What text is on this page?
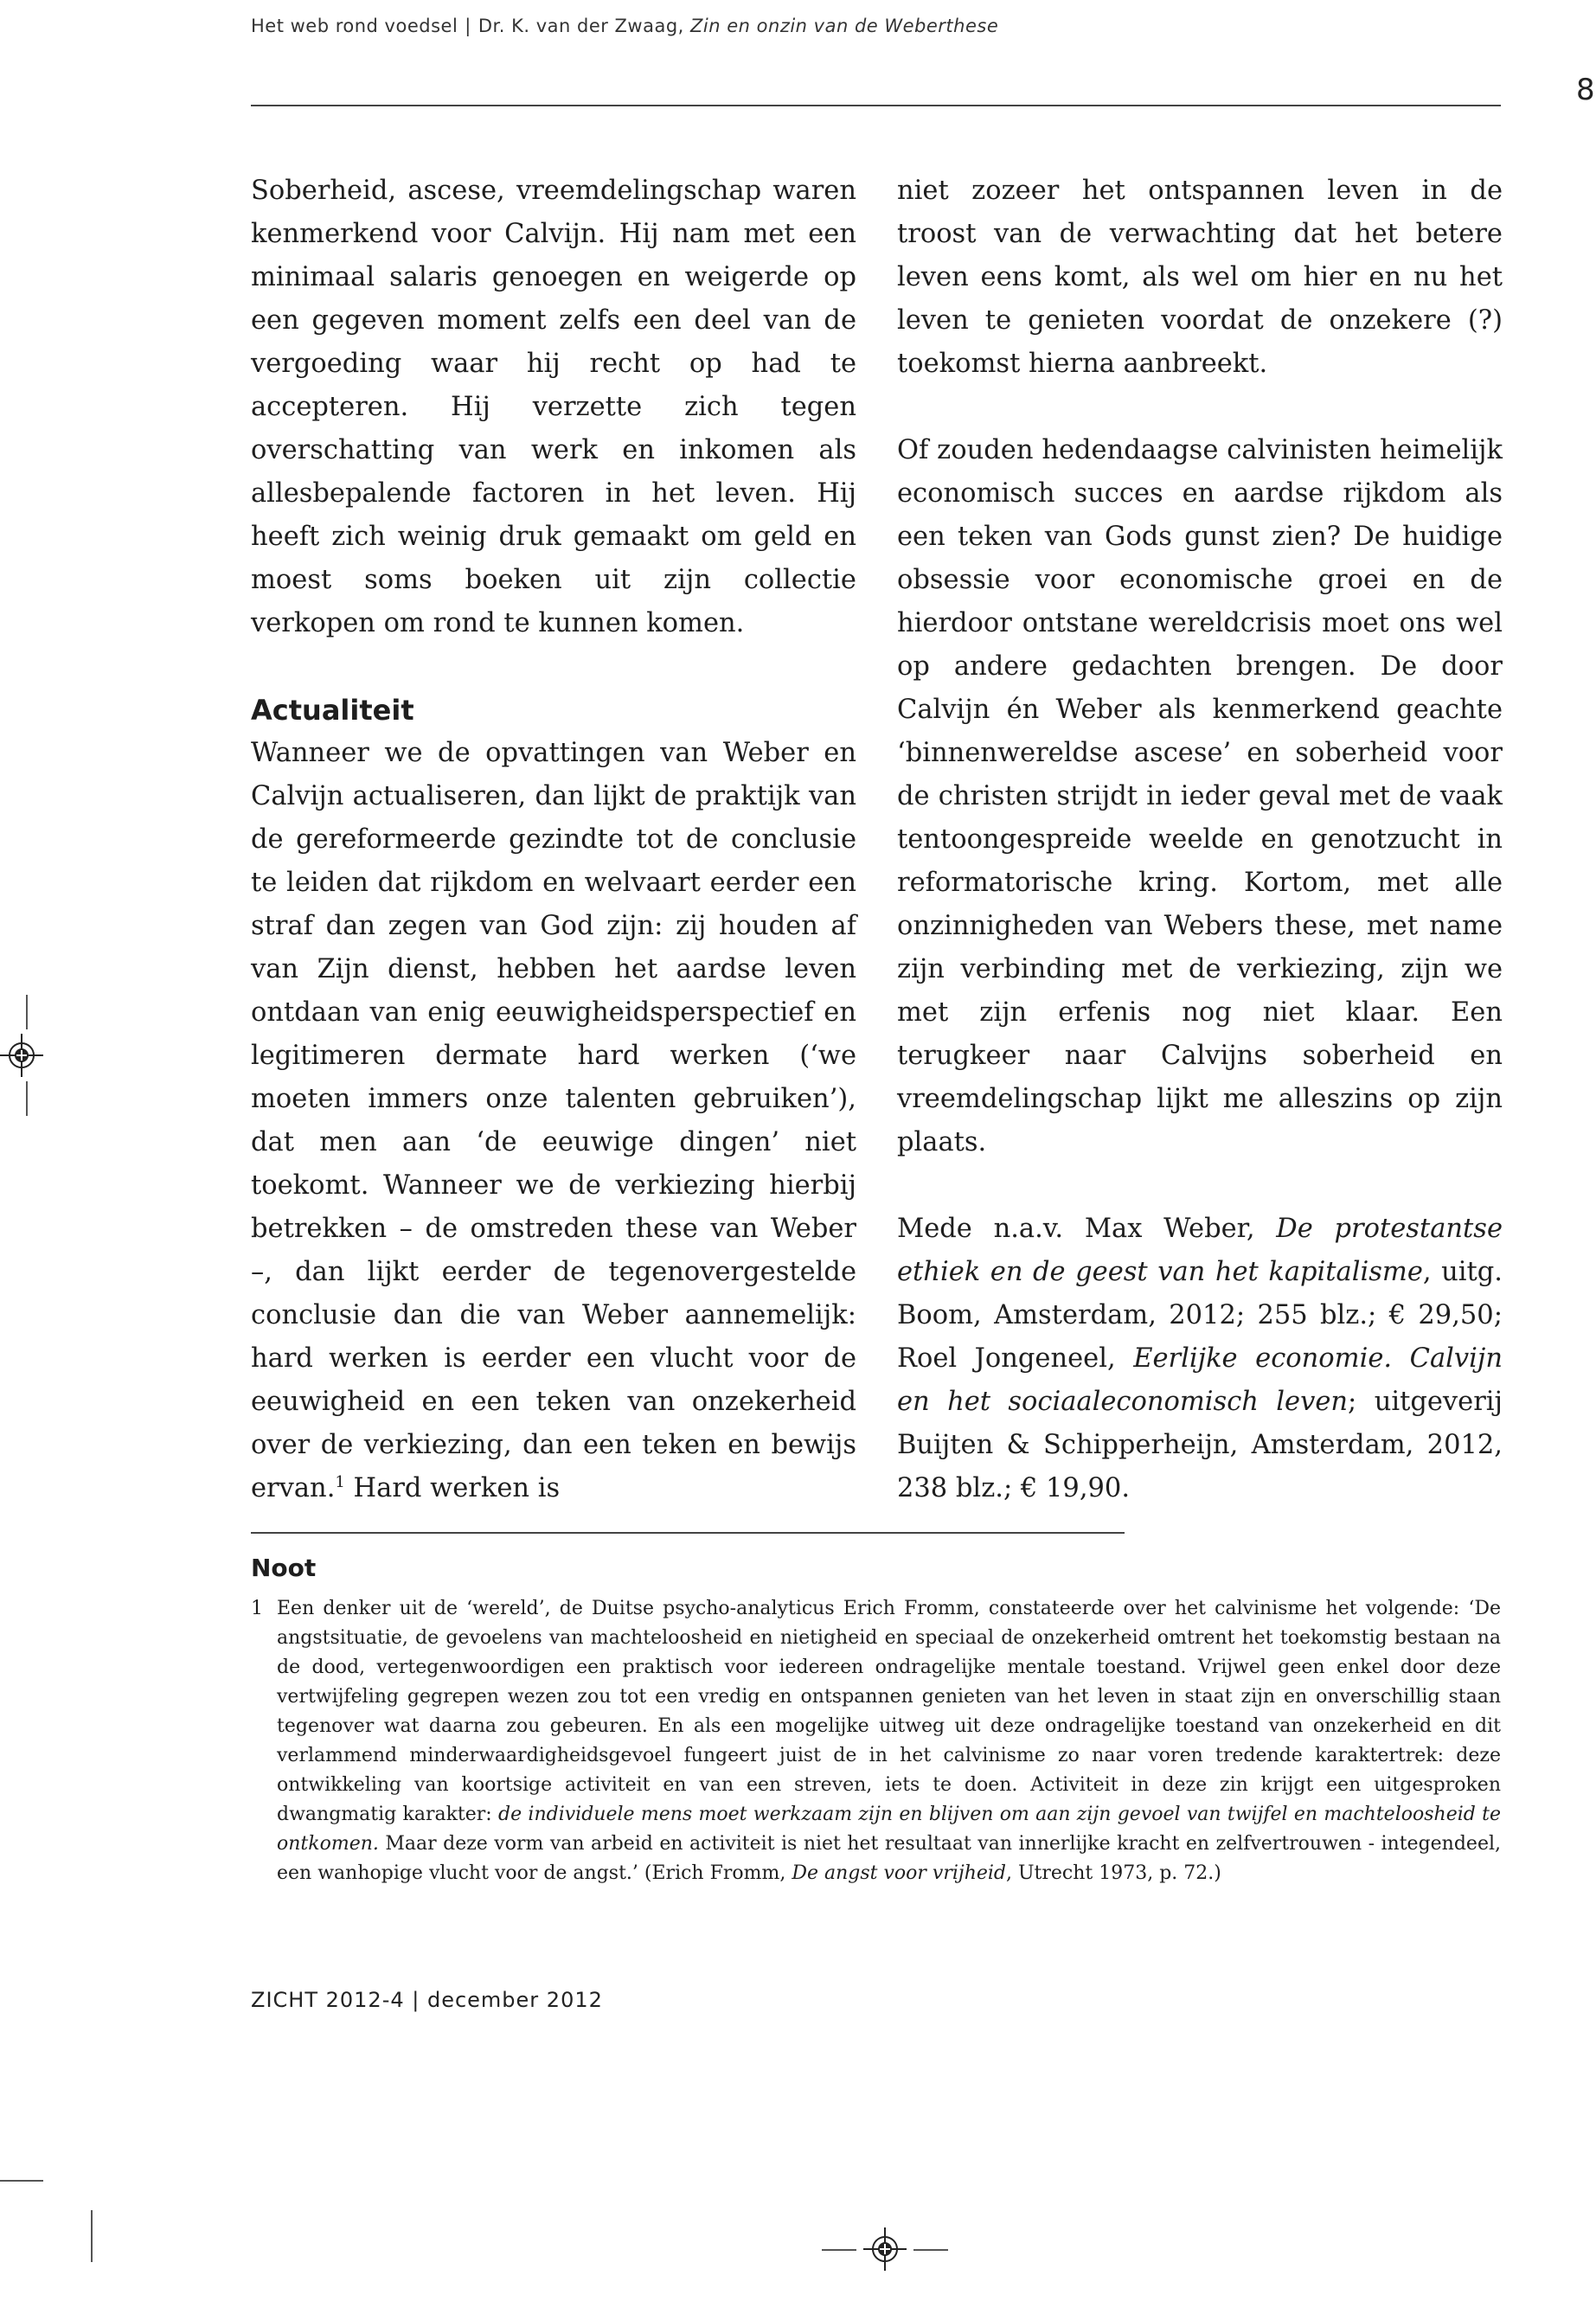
Het web rond voedsel | Dr. K. van der Zwaag, Zin en onzin van de Weberthese
8

Soberheid, ascese, vreemdelingschap waren kenmerkend voor Calvijn. Hij nam met een minimaal salaris genoegen en weigerde op een gegeven moment zelfs een deel van de vergoeding waar hij recht op had te accepteren. Hij verzette zich tegen overschatting van werk en inkomen als allesbepalende factoren in het leven. Hij heeft zich weinig druk gemaakt om geld en moest soms boeken uit zijn collectie verkopen om rond te kunnen komen.

Actualiteit

Wanneer we de opvattingen van Weber en Calvijn actualiseren, dan lijkt de praktijk van de gereformeerde gezindte tot de conclusie te leiden dat rijkdom en welvaart eerder een straf dan zegen van God zijn: zij houden af van Zijn dienst, hebben het aardse leven ontdaan van enig eeuwigheidsperspectief en legitimeren dermate hard werken (‘we moeten immers onze talenten gebruiken’), dat men aan ‘de eeuwige dingen’ niet toekomt. Wanneer we de verkiezing hierbij betrekken – de omstreden these van Weber –, dan lijkt eerder de tegenovergestelde conclusie dan die van Weber aannemelijk: hard werken is eerder een vlucht voor de eeuwigheid en een teken van onzekerheid over de verkiezing, dan een teken en bewijs ervan.$^1$ Hard werken is

niet zozeer het ontspannen leven in de troost van de verwachting dat het betere leven eens komt, als wel om hier en nu het leven te genieten voordat de onzekere (?) toekomst hierna aanbreekt.

Of zouden hedendaagse calvinisten heimelijk economisch succes en aardse rijkdom als een teken van Gods gunst zien? De huidige obsessie voor economische groei en de hierdoor ontstane wereldcrisis moet ons wel op andere gedachten brengen. De door Calvijn én Weber als kenmerkend geachte ‘binnenwereldse ascese’ en soberheid voor de christen strijdt in ieder geval met de vaak tentoongespreide weelde en genotzucht in reformatorische kring. Kortom, met alle onzinnigheden van Webers these, met name zijn verbinding met de verkiezing, zijn we met zijn erfenis nog niet klaar. Een terugkeer naar Calvijns soberheid en vreemdelingschap lijkt me alleszins op zijn plaats.

Mede n.a.v. Max Weber, De protestantse ethiek en de geest van het kapitalisme, uitg. Boom, Amsterdam, 2012; 255 blz.; € 29,50; Roel Jongeneel, Eerlijke economie. Calvijn en het sociaaleconomisch leven; uitgeverij Buijten & Schipperheijn, Amsterdam, 2012, 238 blz.; € 19,90.

Noot
1 Een denker uit de ‘wereld’, de Duitse psycho-analyticus Erich Fromm, constateerde over het calvinisme het volgende: ‘De angstsituatie, de gevoelens van machteloosheid en nietigheid en speciaal de onzekerheid omtrent het toekomstig bestaan na de dood, vertegenwoordigen een praktisch voor iedereen ondragelijke mentale toestand. Vrijwel geen enkel door deze vertwijfeling gegrepen wezen zou tot een vredig en ontspannen genieten van het leven in staat zijn en onverschillig staan tegenover wat daarna zou gebeuren. En als een mogelijke uitweg uit deze ondragelijke toestand van onzekerheid en dit verlammend minderwaardigheidsgevoel fungeert juist de in het calvinisme zo naar voren tredende karaktertrek: deze ontwikkeling van koortsige activiteit en van een streven, iets te doen. Activiteit in deze zin krijgt een uitgesproken dwangmatig karakter: de individuele mens moet werkzaam zijn en blijven om aan zijn gevoel van twijfel en machteloosheid te ontkomen. Maar deze vorm van arbeid en activiteit is niet het resultaat van innerlijke kracht en zelfvertrouwen - integendeel, een wanhopige vlucht voor de angst.’ (Erich Fromm, De angst voor vrijheid, Utrecht 1973, p. 72.)
ZICHT 2012-4 | december 2012
